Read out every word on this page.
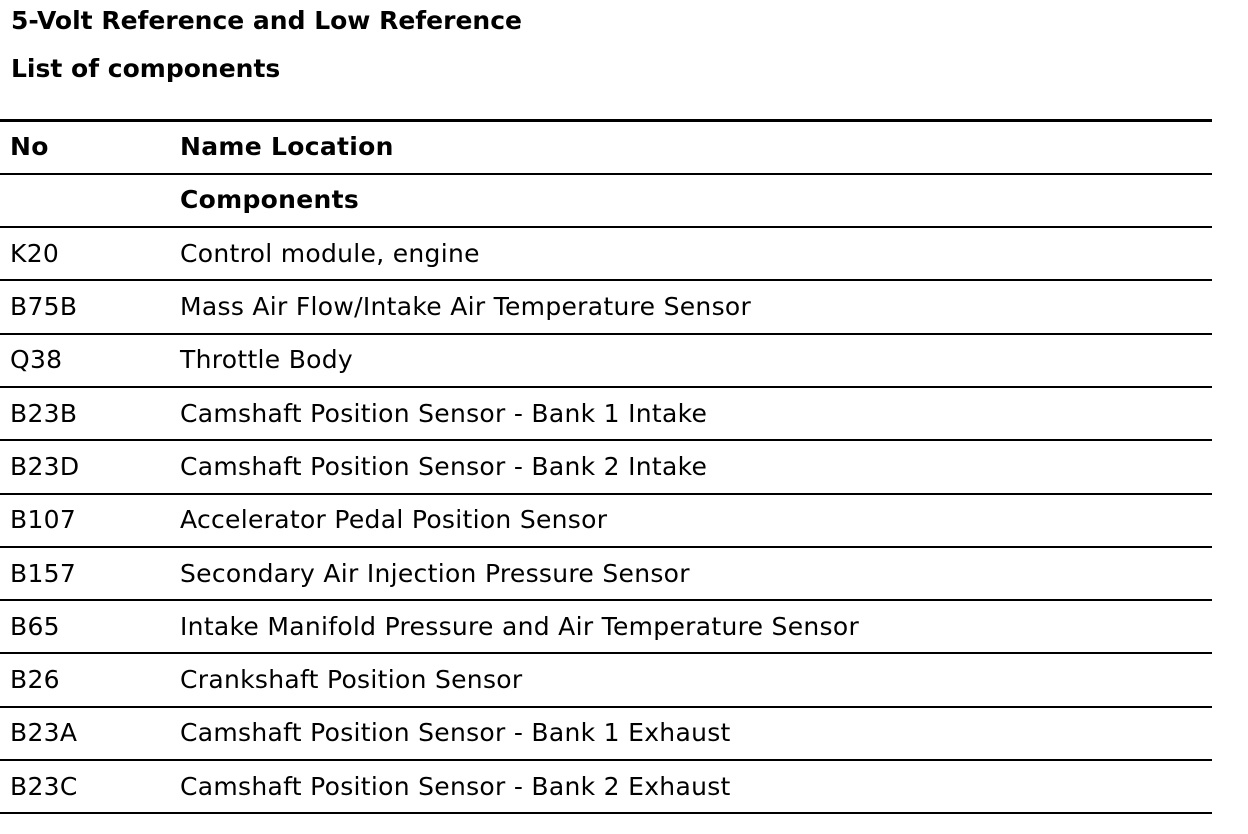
5-Volt Reference and Low Reference
List of components
No	Name Location
	Components
K20	Control module, engine
B75B	Mass Air Flow/Intake Air Temperature Sensor
Q38	Throttle Body
B23B	Camshaft Position Sensor - Bank 1 Intake
B23D	Camshaft Position Sensor - Bank 2 Intake
B107	Accelerator Pedal Position Sensor
B157	Secondary Air Injection Pressure Sensor
B65	Intake Manifold Pressure and Air Temperature Sensor
B26	Crankshaft Position Sensor
B23A	Camshaft Position Sensor - Bank 1 Exhaust
B23C	Camshaft Position Sensor - Bank 2 Exhaust
